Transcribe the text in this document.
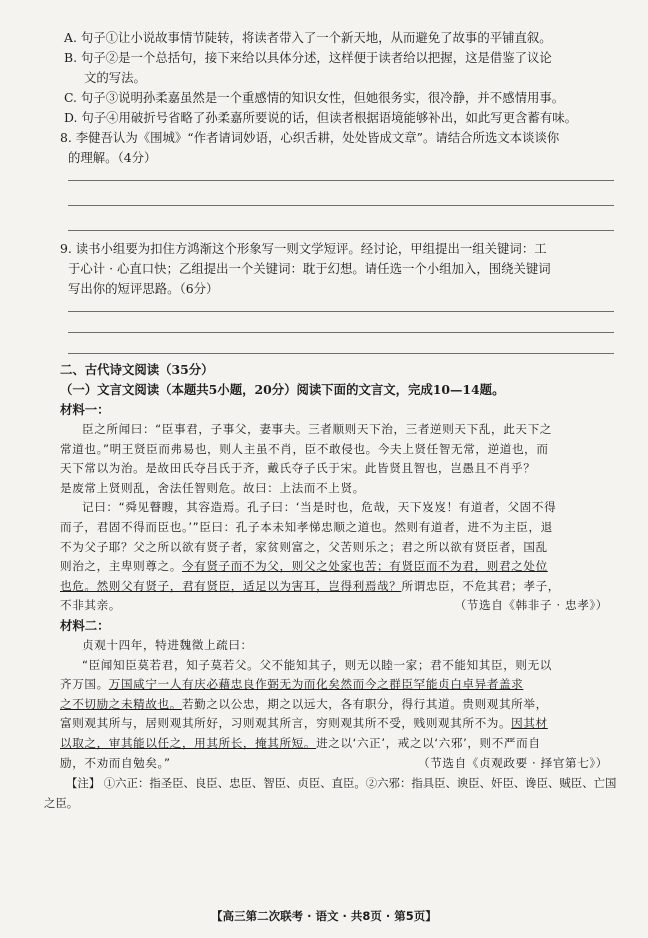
A. 句子①让小说故事情节陡转，将读者带入了一个新天地，从而避免了故事的平铺直叙。

B. 句子②是一个总括句，接下来给以具体分述，这样便于读者给以把握，这是借鉴了议论

文的写法。

C. 句子③说明孙柔嘉虽然是一个重感情的知识女性，但她很务实，很冷静，并不感情用事。

D. 句子④用破折号省略了孙柔嘉所要说的话，但读者根据语境能够补出，如此写更含蓄有味。

8. 李健吾认为《围城》“作者请词妙语，心织舌耕，处处皆成文章”。请结合所选文本谈谈你

的理解。（4分）

9. 读书小组要为扣住方鸿渐这个形象写一则文学短评。经讨论，甲组提出一组关键词：工

于心计 · 心直口快；乙组提出一个关键词：耽于幻想。请任选一个小组加入，围绕关键词

写出你的短评思路。（6分）

二、古代诗文阅读（35分）

（一）文言文阅读（本题共5小题，20分）阅读下面的文言文，完成10—14题。

材料一：

臣之所闻曰：“臣事君，子事父，妻事夫。三者顺则天下治，三者逆则天下乱，此天下之

常道也。”明王贤臣而弗易也，则人主虽不肖，臣不敢侵也。今夫上贤任智无常，逆道也，而

天下常以为治。是故田氏夺吕氏于齐，戴氏夺子氏于宋。此皆贤且智也，岂愚且不肖乎？

是废常上贤则乱，舍法任智则危。故曰：上法而不上贤。

记曰：“舜见瞽瞍，其容造焉。孔子曰：‘当是时也，危哉，天下岌岌！有道者，父固不得

而子，君固不得而臣也。’”臣曰：孔子本未知孝悌忠顺之道也。然则有道者，进不为主臣，退

不为父子耶？父之所以欲有贤子者，家贫则富之，父苦则乐之；君之所以欲有贤臣者，国乱

则治之，主卑则尊之。今有贤子而不为父，则父之处家也苦；有贤臣而不为君，则君之处位

也危。然则父有贤子，君有贤臣，适足以为害耳，岂得利焉哉？所谓忠臣，不危其君；孝子，

不非其亲。	（节选自《韩非子 · 忠孝》）

材料二：

贞观十四年，特进魏徵上疏曰：

“臣闻知臣莫若君，知子莫若父。父不能知其子，则无以睦一家；君不能知其臣，则无以

齐万国。万国咸宁一人有庆必藉忠良作弼无为而化矣然而今之群臣罕能贞白卓异者盖求

之不切励之未精故也。若勤之以公忠，期之以远大，各有职分，得行其道。贵则观其所举，

富则观其所与，居则观其所好，习则观其所言，穷则观其所不受，贱则观其所不为。因其材

以取之，审其能以任之，用其所长，掩其所短。进之以‘六正’，戒之以‘六邪’，则不严而自

励，不劝而自勉矣。”	（节选自《贞观政要 · 择官第七》）

【注】 ①六正：指圣臣、良臣、忠臣、智臣、贞臣、直臣。②六邪：指具臣、谀臣、奸臣、谗臣、贼臣、亡国

之臣。

【高三第二次联考 · 语文 · 共8页 · 第5页】
